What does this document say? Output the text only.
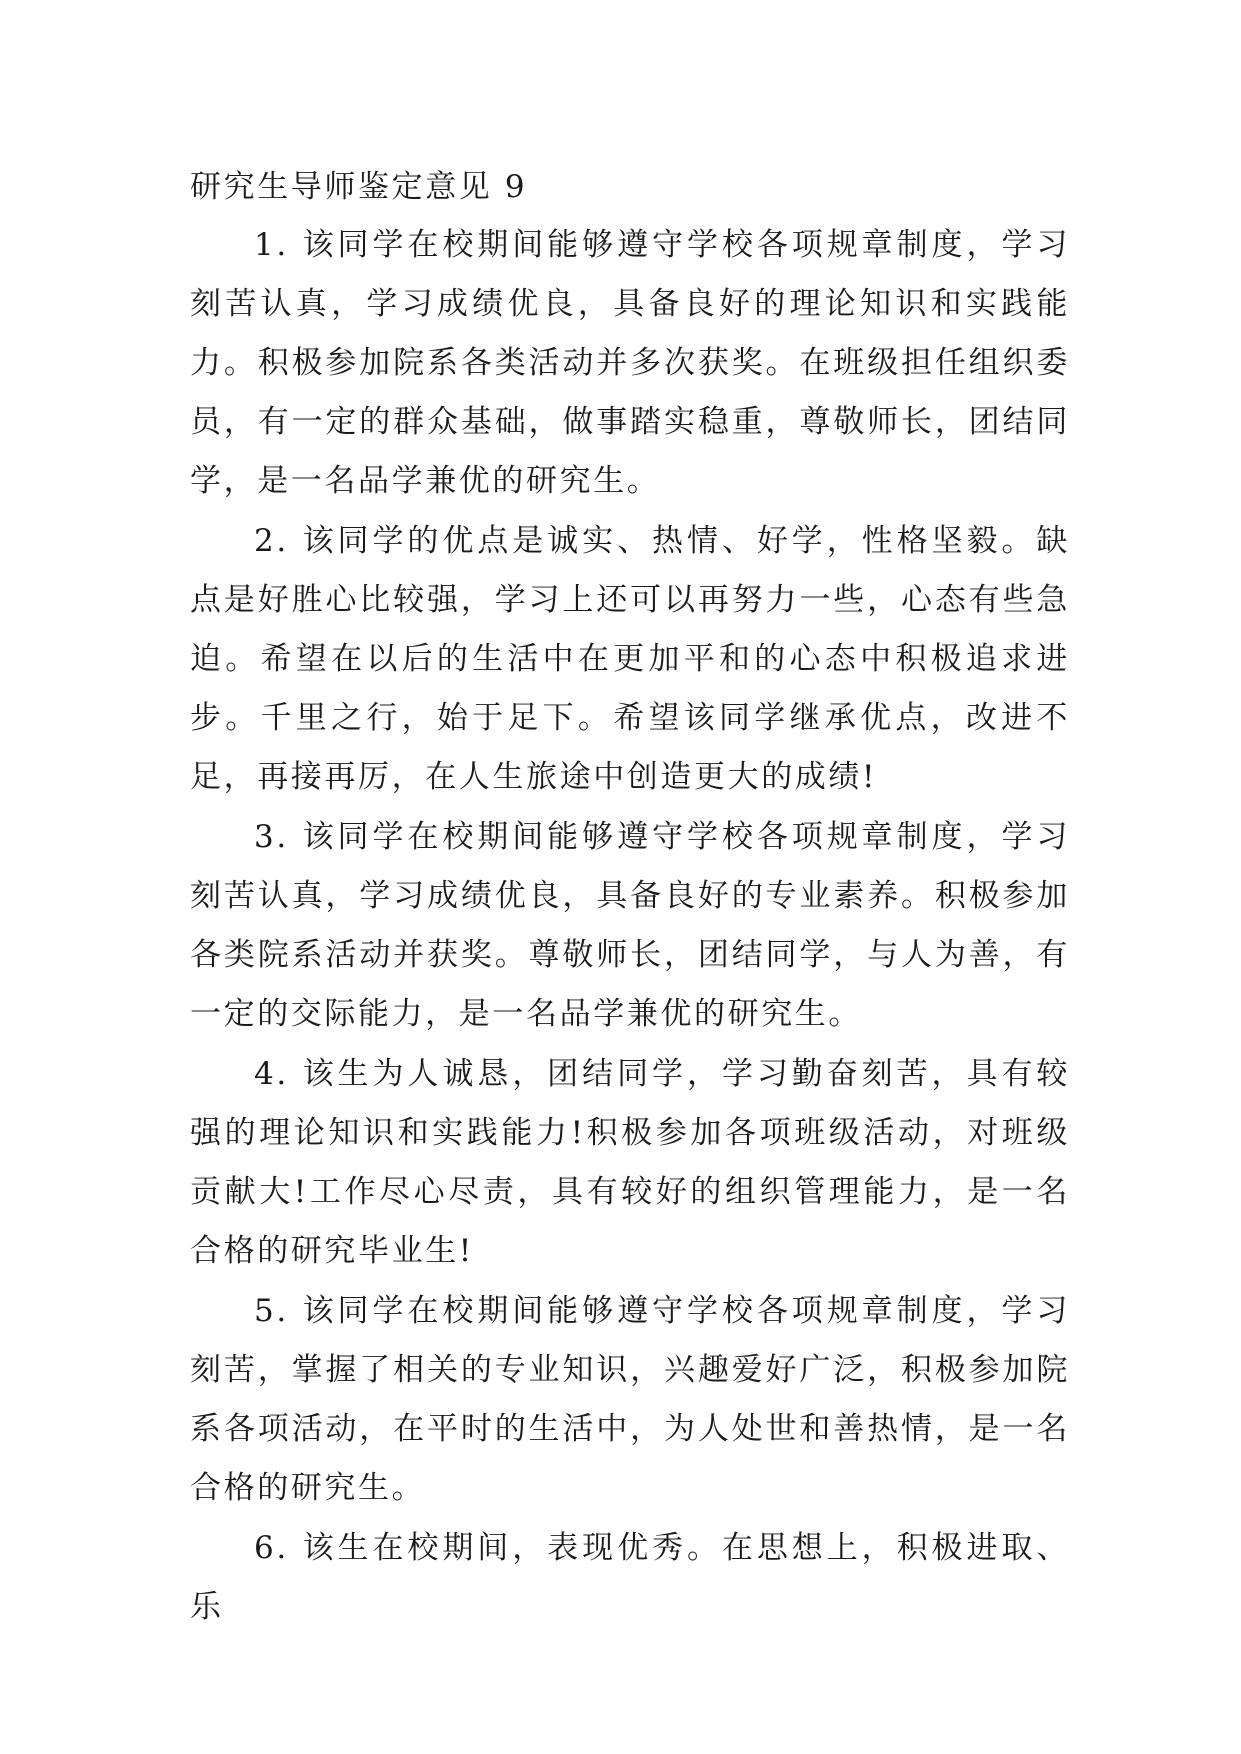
研究生导师鉴定意见 9

1. 该同学在校期间能够遵守学校各项规章制度，学习刻苦认真，学习成绩优良，具备良好的理论知识和实践能力。积极参加院系各类活动并多次获奖。在班级担任组织委员，有一定的群众基础，做事踏实稳重，尊敬师长，团结同学，是一名品学兼优的研究生。

2. 该同学的优点是诚实、热情、好学，性格坚毅。缺点是好胜心比较强，学习上还可以再努力一些，心态有些急迫。希望在以后的生活中在更加平和的心态中积极追求进步。千里之行，始于足下。希望该同学继承优点，改进不足，再接再厉，在人生旅途中创造更大的成绩!

3. 该同学在校期间能够遵守学校各项规章制度，学习刻苦认真，学习成绩优良，具备良好的专业素养。积极参加各类院系活动并获奖。尊敬师长，团结同学，与人为善，有一定的交际能力，是一名品学兼优的研究生。

4. 该生为人诚恳，团结同学，学习勤奋刻苦，具有较强的理论知识和实践能力!积极参加各项班级活动，对班级贡献大!工作尽心尽责，具有较好的组织管理能力，是一名合格的研究毕业生!

5. 该同学在校期间能够遵守学校各项规章制度，学习刻苦，掌握了相关的专业知识，兴趣爱好广泛，积极参加院系各项活动，在平时的生活中，为人处世和善热情，是一名合格的研究生。

6. 该生在校期间，表现优秀。在思想上，积极进取、乐
